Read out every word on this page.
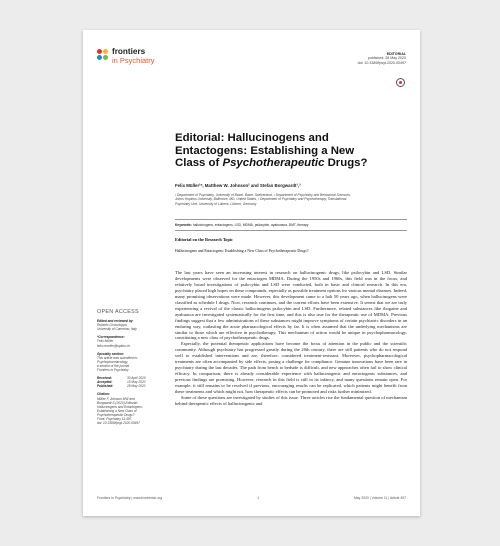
frontiers
in Psychiatry
EDITORIAL
published: 28 May 2020
doi: 10.3389/fpsyt.2020.00497
Editorial: Hallucinogens and
Entactogens: Establishing a New
Class of Psychotherapeutic Drugs?
Felix Müller¹*, Matthew W. Johnson² and Stefan Borgwardt¹,³
¹ Department of Psychiatry, University of Basel, Basel, Switzerland, ² Department of Psychiatry and Behavioral Sciences,
Johns Hopkins University, Baltimore, MD, United States, ³ Department of Psychiatry and Psychotherapy, Translational
Psychiatry Unit, University of Lübeck, Lübeck, Germany
Keywords: hallucinogens, entactogens, LSD, MDMA, psilocybin, ayahuasca, DMT, therapy
Editorial on the Research Topic
Hallucinogens and Entactogens: Establishing a New Class of Psychotherapeutic Drugs?
OPEN ACCESS
Edited and reviewed by:
Roberto Ciccocioppo,
University of Camerino, Italy
*Correspondence:
Felix Müller
felix.mueller@upkbs.ch
Specialty section:
This article was submitted to
Psychopharmacology,
a section of the journal
Frontiers in Psychiatry
Received:	30 April 2020
Accepted:	15 May 2020
Published:	28 May 2020
Citation:
Müller F, Johnson MW and
Borgwardt S (2020) Editorial:
Hallucinogens and Entactogens:
Establishing a New Class of
Psychotherapeutic Drugs?
Front. Psychiatry 11:497.
doi: 10.3389/fpsyt.2020.00497

The last years have seen an increasing interest in research on hallucinogenic drugs, like psilocybin and LSD. Similar developments were observed for the entactogen MDMA. During the 1950s and 1960s, this field was in the focus, and relatively broad investigations of psilocybin and LSD were conducted, both in basic and clinical research. In this era, psychiatry placed high hopes on these compounds, especially as possible treatment options for various mental diseases. Indeed, many promising observations were made. However, this development came to a halt 50 years ago, when hallucinogens were classified as schedule I drugs. Now, research continues, and the current efforts have been extensive. It seems that we are truly experiencing a revival of the classic hallucinogens psilocybin and LSD. Furthermore, related substances like ibogaine and ayahuasca are investigated systematically for the first time, and this is also true for the therapeutic use of MDMA. Previous findings suggest that a few administrations of these substances might improve symptoms of certain psychiatric disorders in an enduring way, outlasting the acute pharmacological effects by far. It is often assumed that the underlying mechanisms are similar to those which are effective in psychotherapy. This mechanism of action would be unique in psychopharmacology, constituting a new class of psychotherapeutic drugs.

Especially, the potential therapeutic applications have become the focus of attention in the public and the scientific community. Although psychiatry has progressed greatly during the 20th century, there are still patients who do not respond well to established interventions and are, therefore, considered treatment-resistant. Moreover, psychopharmacological treatments are often accompanied by side effects, posing a challenge for compliance. Genuine innovations have been rare in psychiatry during the last decades. The path from bench to bedside is difficult, and new approaches often fail to show clinical efficacy. In comparison, there is already considerable experience with hallucinogenic and entactogenic substances, and previous findings are promising. However, research in this field is still in its infancy, and many questions remain open. For example, it still remains to be resolved if previous, encouraging results can be replicated, which patients might benefit from these treatments and which might not, how therapeutic effects can be promoted and risks further minimized.

Some of these questions are investigated by studies of this issue. Three articles rise the fundamental question of mechanism behind therapeutic effects of hallucinogenic and

Frontiers in Psychiatry | www.frontiersin.org	1	May 2020 | Volume 11 | Article 497
